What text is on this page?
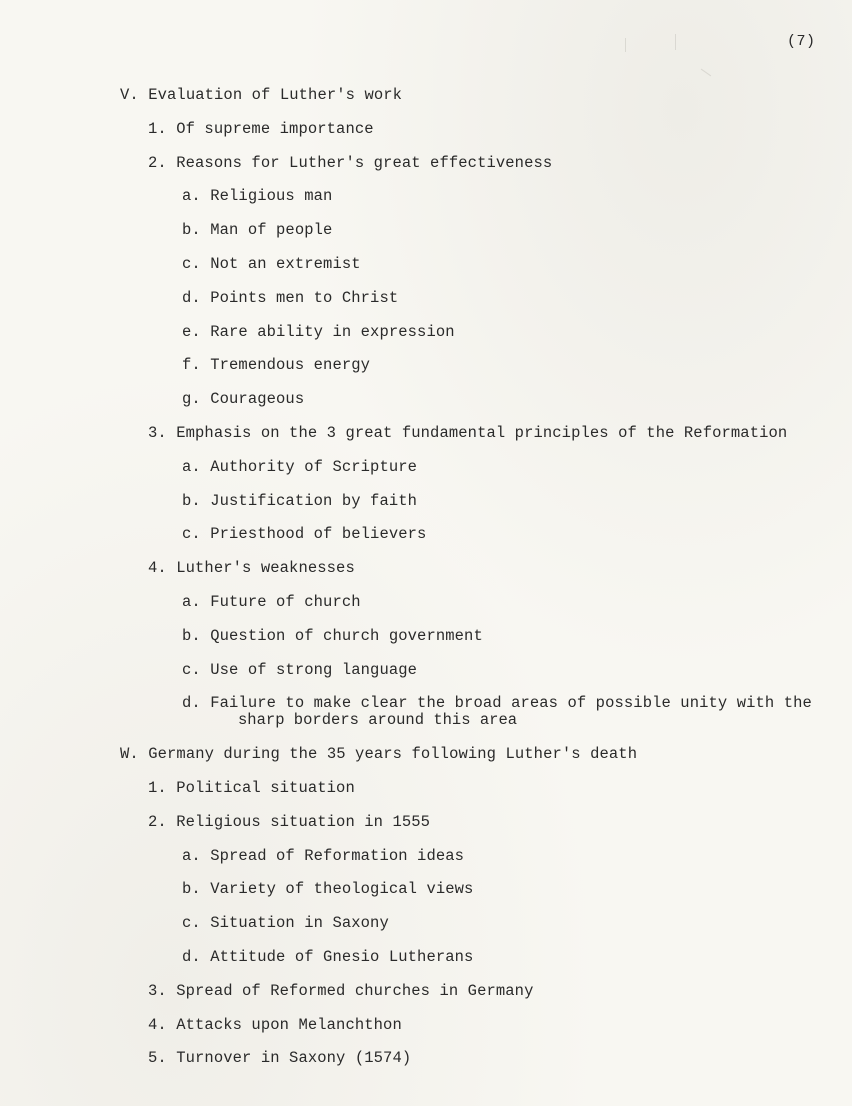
(7)
V. Evaluation of Luther's work
1. Of supreme importance
2. Reasons for Luther's great effectiveness
a. Religious man
b. Man of people
c. Not an extremist
d. Points men to Christ
e. Rare ability in expression
f. Tremendous energy
g. Courageous
3. Emphasis on the 3 great fundamental principles of the Reformation
a. Authority of Scripture
b. Justification by faith
c. Priesthood of believers
4. Luther's weaknesses
a. Future of church
b. Question of church government
c. Use of strong language
d. Failure to make clear the broad areas of possible unity with the
sharp borders around this area
W. Germany during the 35 years following Luther's death
1. Political situation
2. Religious situation in 1555
a. Spread of Reformation ideas
b. Variety of theological views
c. Situation in Saxony
d. Attitude of Gnesio Lutherans
3. Spread of Reformed churches in Germany
4. Attacks upon Melanchthon
5. Turnover in Saxony (1574)
